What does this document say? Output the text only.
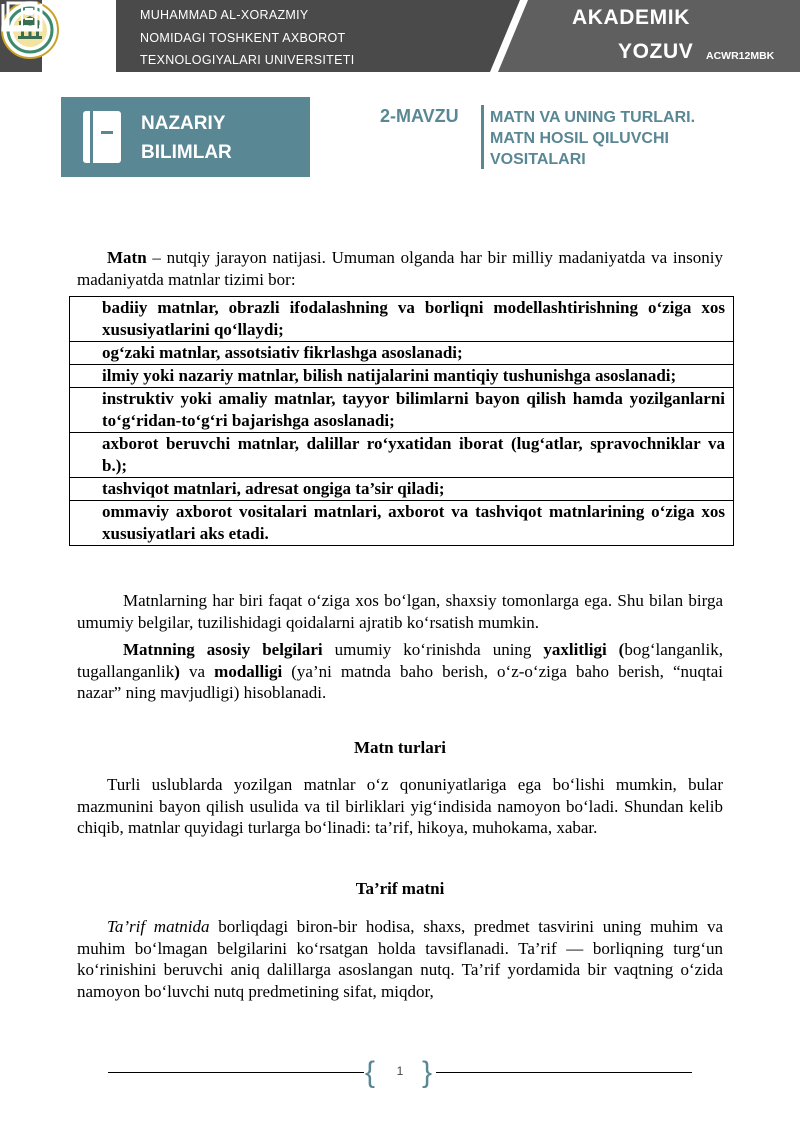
MUHAMMAD AL-XORAZMIY
NOMIDAGI TOSHKENT AXBOROT
TEXNOLOGIYALARI UNIVERSITETI
AKADEMIK
YOZUV ACWR12MBK
NAZARIY
BILIMLAR
2-MAVZU MATN VA UNING TURLARI.
MATN HOSIL QILUVCHI
VOSITALARI
Matn – nutqiy jarayon natijasi. Umuman olganda har bir milliy madaniyatda va insoniy madaniyatda matnlar tizimi bor:
badiiy matnlar, obrazli ifodalashning va borliqni modellashtirishning o‘ziga xos xususiyatlarini qo‘llaydi;
og‘zaki matnlar, assotsiativ fikrlashga asoslanadi;
ilmiy yoki nazariy matnlar, bilish natijalarini mantiqiy tushunishga asoslanadi;
instruktiv yoki amaliy matnlar, tayyor bilimlarni bayon qilish hamda yozilganlarni to‘g‘ridan-to‘g‘ri bajarishga asoslanadi;
axborot beruvchi matnlar, dalillar ro‘yxatidan iborat (lug‘atlar, spravochniklar va b.);
tashviqot matnlari, adresat ongiga ta’sir qiladi;
ommaviy axborot vositalari matnlari, axborot va tashviqot matnlarining o‘ziga xos xususiyatlari aks etadi.
Matnlarning har biri faqat o‘ziga xos bo‘lgan, shaxsiy tomonlarga ega. Shu bilan birga umumiy belgilar, tuzilishidagi qoidalarni ajratib ko‘rsatish mumkin.
Matnning asosiy belgilari umumiy ko‘rinishda uning yaxlitligi (bog‘langanlik, tugallanganlik) va modalligi (ya’ni matnda baho berish, o‘z-o‘ziga baho berish, “nuqtai nazar” ning mavjudligi) hisoblanadi.
Matn turlari
Turli uslublarda yozilgan matnlar o‘z qonuniyatlariga ega bo‘lishi mumkin, bular mazmunini bayon qilish usulida va til birliklari yig‘indisida namoyon bo‘ladi. Shundan kelib chiqib, matnlar quyidagi turlarga bo‘linadi: ta’rif, hikoya, muhokama, xabar.
Ta’rif matni
Ta’rif matnida borliqdagi biron-bir hodisa, shaxs, predmet tasvirini uning muhim va muhim bo‘lmagan belgilarini ko‘rsatgan holda tavsiflanadi. Ta’rif — borliqning turg‘un ko‘rinishini beruvchi aniq dalillarga asoslangan nutq. Ta’rif yordamida bir vaqtning o‘zida namoyon bo‘luvchi nutq predmetining sifat, miqdor,
{ }
1
